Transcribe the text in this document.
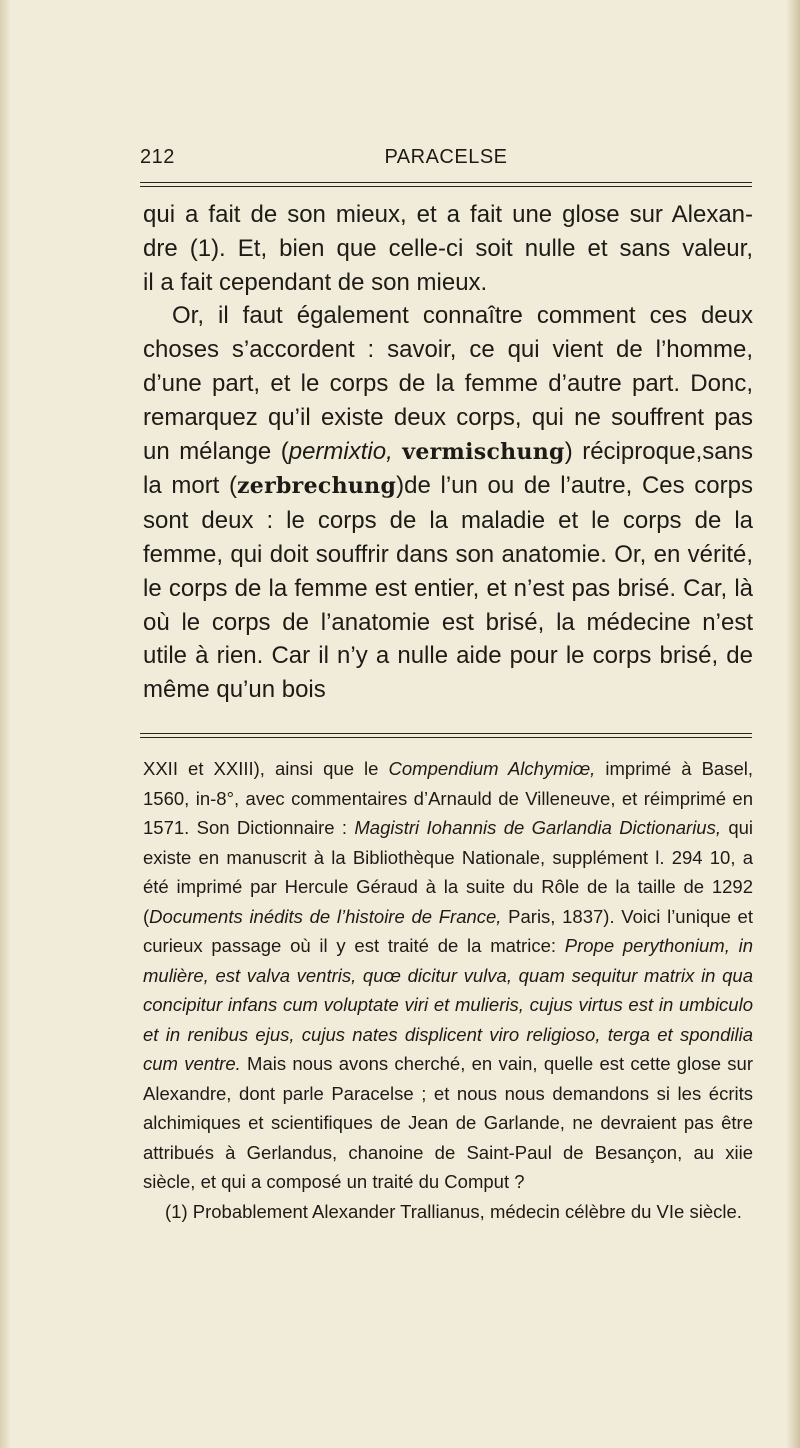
PARACELSE
212

qui a fait de son mieux, et a fait une glose sur Alexan-
dre (1). Et, bien que celle-ci soit nulle et sans valeur,

il a fait cependant de son mieux.

Or, il faut également connaître comment ces deux choses s’accordent : savoir, ce qui vient de l’homme, d’une part, et le corps de la femme d’autre part. Donc, remarquez qu’il existe deux corps, qui ne souffrent pas un mélange (permixtio, vermischung) réciproque,sans la mort (zerbrechung)de l’un ou de l’autre, Ces corps sont deux : le corps de la maladie et le corps de la femme, qui doit souffrir dans son anatomie. Or, en vérité, le corps de la femme est entier, et n’est pas brisé. Car, là où le corps de l’anatomie est brisé, la médecine n’est utile à rien. Car il n’y a nulle aide pour le corps brisé, de même qu’un bois

XXII et XXIII), ainsi que le Compendium Alchymiœ, imprimé à Basel, 1560, in-8°, avec commentaires d’Arnauld de Villeneuve, et réimprimé en 1571. Son Dictionnaire : Magistri Iohannis de Garlandia Dictionarius, qui existe en manuscrit à la Bibliothèque Nationale, supplément l. 294 10, a été imprimé par Hercule Géraud à la suite du Rôle de la taille de 1292 (Documents inédits de l’histoire de France, Paris, 1837). Voici l’unique et curieux passage où il y est traité de la matrice: Prope perythonium, in mulière, est valva ventris, quœ dicitur vulva, quam sequitur matrix in qua concipitur infans cum voluptate viri et mulieris, cujus virtus est in umbiculo et in renibus ejus, cujus nates displicent viro religioso, terga et spondilia cum ventre. Mais nous avons cherché, en vain, quelle est cette glose sur Alexandre, dont parle Paracelse ; et nous nous demandons si les écrits alchimiques et scientifiques de Jean de Garlande, ne devraient pas être attribués à Gerlandus, chanoine de Saint-Paul de Besançon, au xiie siècle, et qui a composé un traité du Comput ?

(1) Probablement Alexander Trallianus, médecin célèbre du VIe siècle.
